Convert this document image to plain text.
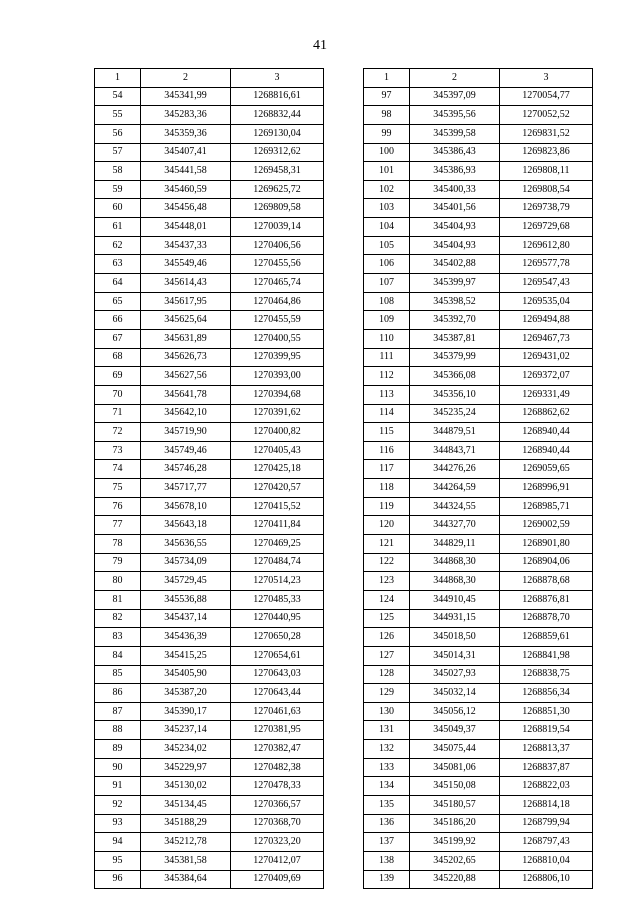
41
1	2	3
54	345341,99	1268816,61
55	345283,36	1268832,44
56	345359,36	1269130,04
57	345407,41	1269312,62
58	345441,58	1269458,31
59	345460,59	1269625,72
60	345456,48	1269809,58
61	345448,01	1270039,14
62	345437,33	1270406,56
63	345549,46	1270455,56
64	345614,43	1270465,74
65	345617,95	1270464,86
66	345625,64	1270455,59
67	345631,89	1270400,55
68	345626,73	1270399,95
69	345627,56	1270393,00
70	345641,78	1270394,68
71	345642,10	1270391,62
72	345719,90	1270400,82
73	345749,46	1270405,43
74	345746,28	1270425,18
75	345717,77	1270420,57
76	345678,10	1270415,52
77	345643,18	1270411,84
78	345636,55	1270469,25
79	345734,09	1270484,74
80	345729,45	1270514,23
81	345536,88	1270485,33
82	345437,14	1270440,95
83	345436,39	1270650,28
84	345415,25	1270654,61
85	345405,90	1270643,03
86	345387,20	1270643,44
87	345390,17	1270461,63
88	345237,14	1270381,95
89	345234,02	1270382,47
90	345229,97	1270482,38
91	345130,02	1270478,33
92	345134,45	1270366,57
93	345188,29	1270368,70
94	345212,78	1270323,20
95	345381,58	1270412,07
96	345384,64	1270409,69
1	2	3
97	345397,09	1270054,77
98	345395,56	1270052,52
99	345399,58	1269831,52
100	345386,43	1269823,86
101	345386,93	1269808,11
102	345400,33	1269808,54
103	345401,56	1269738,79
104	345404,93	1269729,68
105	345404,93	1269612,80
106	345402,88	1269577,78
107	345399,97	1269547,43
108	345398,52	1269535,04
109	345392,70	1269494,88
110	345387,81	1269467,73
111	345379,99	1269431,02
112	345366,08	1269372,07
113	345356,10	1269331,49
114	345235,24	1268862,62
115	344879,51	1268940,44
116	344843,71	1268940,44
117	344276,26	1269059,65
118	344264,59	1268996,91
119	344324,55	1268985,71
120	344327,70	1269002,59
121	344829,11	1268901,80
122	344868,30	1268904,06
123	344868,30	1268878,68
124	344910,45	1268876,81
125	344931,15	1268878,70
126	345018,50	1268859,61
127	345014,31	1268841,98
128	345027,93	1268838,75
129	345032,14	1268856,34
130	345056,12	1268851,30
131	345049,37	1268819,54
132	345075,44	1268813,37
133	345081,06	1268837,87
134	345150,08	1268822,03
135	345180,57	1268814,18
136	345186,20	1268799,94
137	345199,92	1268797,43
138	345202,65	1268810,04
139	345220,88	1268806,10
